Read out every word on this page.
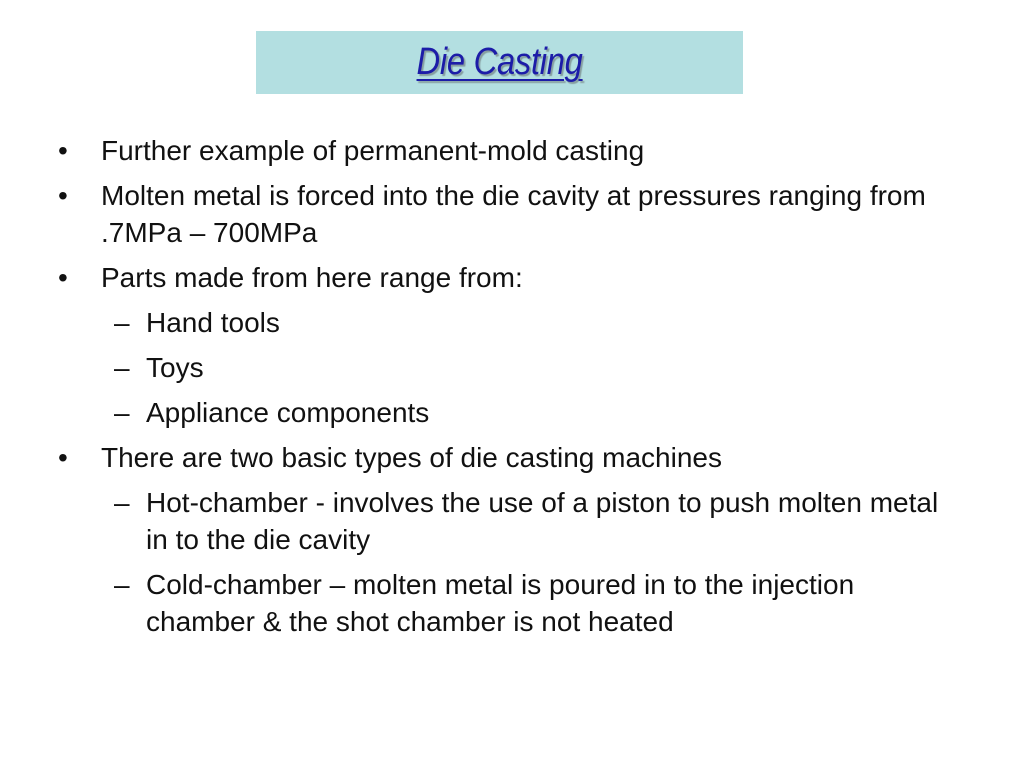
Die Casting
• Further example of permanent-mold casting
• Molten metal is forced into the die cavity at pressures ranging from .7MPa – 700MPa
• Parts made from here range from:
– Hand tools
– Toys
– Appliance components
• There are two basic types of die casting machines
– Hot-chamber - involves the use of a piston to push molten metal in to the die cavity
– Cold-chamber – molten metal is poured in to the injection chamber & the shot chamber is not heated
